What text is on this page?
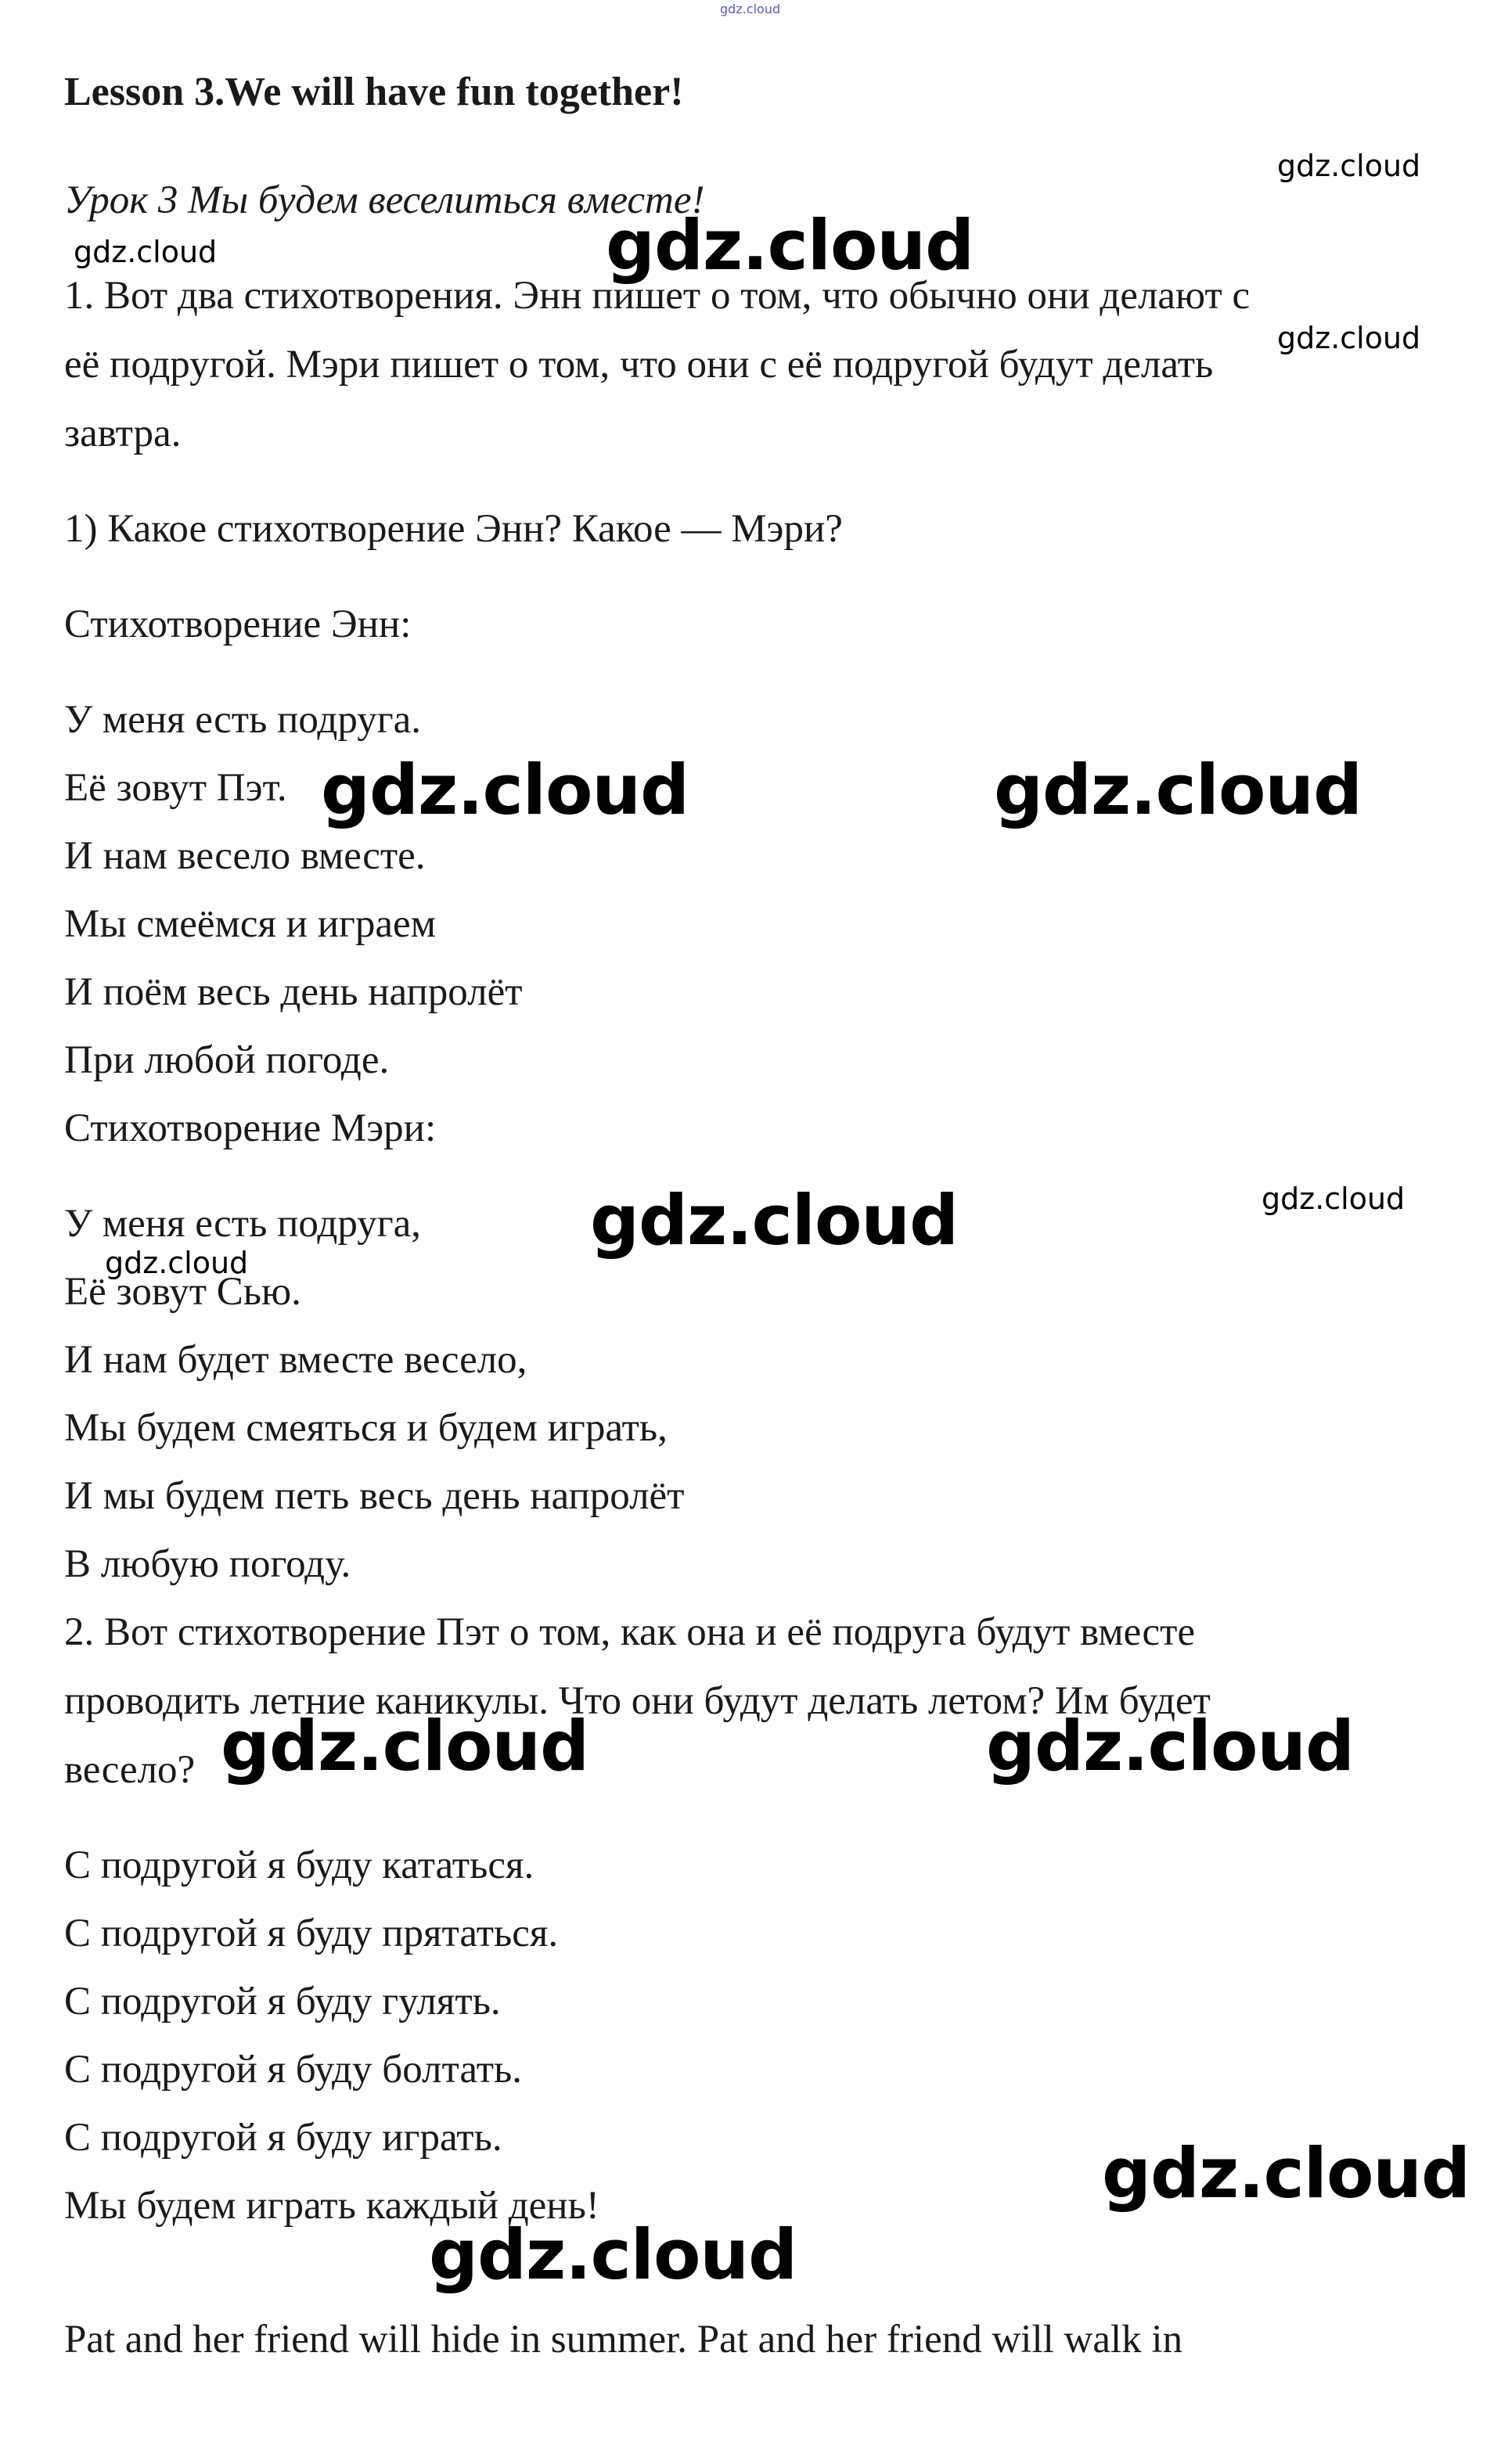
gdz.cloud
Lesson 3.We will have fun together!
Урок 3 Мы будем веселиться вместе!
1. Вот два стихотворения. Энн пишет о том, что обычно они делают с
её подругой. Мэри пишет о том, что они с её подругой будут делать
завтра.
1) Какое стихотворение Энн? Какое — Мэри?
Стихотворение Энн:
У меня есть подруга.
Её зовут Пэт.
И нам весело вместе.
Мы смеёмся и играем
И поём весь день напролёт
При любой погоде.
Стихотворение Мэри:
У меня есть подруга,
Её зовут Сью.
И нам будет вместе весело,
Мы будем смеяться и будем играть,
И мы будем петь весь день напролёт
В любую погоду.
2. Вот стихотворение Пэт о том, как она и её подруга будут вместе
проводить летние каникулы. Что они будут делать летом? Им будет
весело?
С подругой я буду кататься.
С подругой я буду прятаться.
С подругой я буду гулять.
С подругой я буду болтать.
С подругой я буду играть.
Мы будем играть каждый день!
Pat and her friend will hide in summer. Pat and her friend will walk in
gdz.cloud
gdz.cloud	gdz.cloud
gdz.cloud
gdz.cloud	gdz.cloud
gdz.cloud	gdz.cloud
gdz.cloud
gdz.cloud	gdz.cloud
gdz.cloud
gdz.cloud
